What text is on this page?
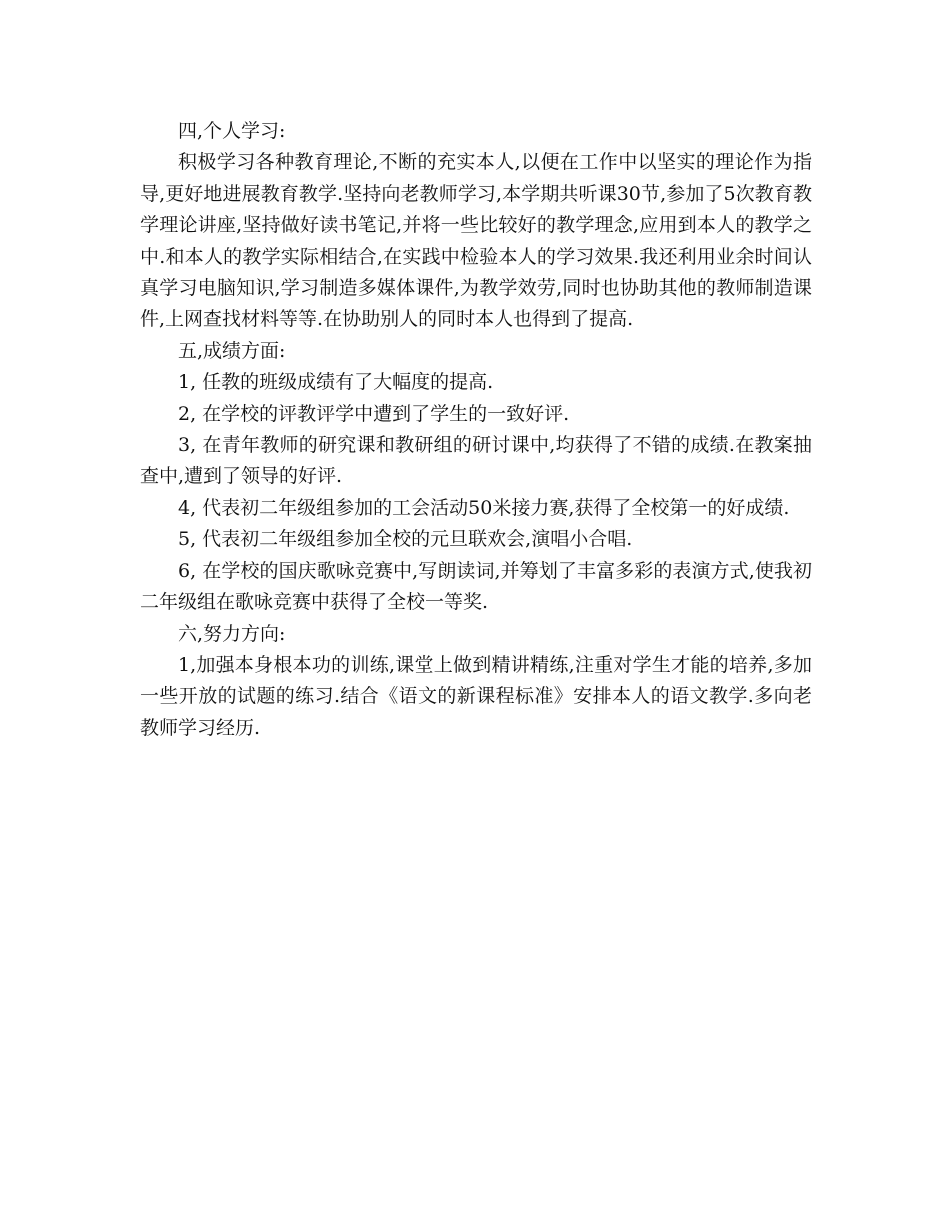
四,个人学习:

积极学习各种教育理论,不断的充实本人,以便在工作中以坚实的理论作为指导,更好地进展教育教学.坚持向老教师学习,本学期共听课30节,参加了5次教育教学理论讲座,坚持做好读书笔记,并将一些比较好的教学理念,应用到本人的教学之中.和本人的教学实际相结合,在实践中检验本人的学习效果.我还利用业余时间认真学习电脑知识,学习制造多媒体课件,为教学效劳,同时也协助其他的教师制造课件,上网查找材料等等.在协助别人的同时本人也得到了提高.

五,成绩方面:

1, 任教的班级成绩有了大幅度的提高.

2, 在学校的评教评学中遭到了学生的一致好评.

3, 在青年教师的研究课和教研组的研讨课中,均获得了不错的成绩.在教案抽查中,遭到了领导的好评.

4, 代表初二年级组参加的工会活动50米接力赛,获得了全校第一的好成绩.

5, 代表初二年级组参加全校的元旦联欢会,演唱小合唱.

6, 在学校的国庆歌咏竞赛中,写朗读词,并筹划了丰富多彩的表演方式,使我初二年级组在歌咏竞赛中获得了全校一等奖.

六,努力方向:

1,加强本身根本功的训练,课堂上做到精讲精练,注重对学生才能的培养,多加一些开放的试题的练习.结合《语文的新课程标准》安排本人的语文教学.多向老教师学习经历.
